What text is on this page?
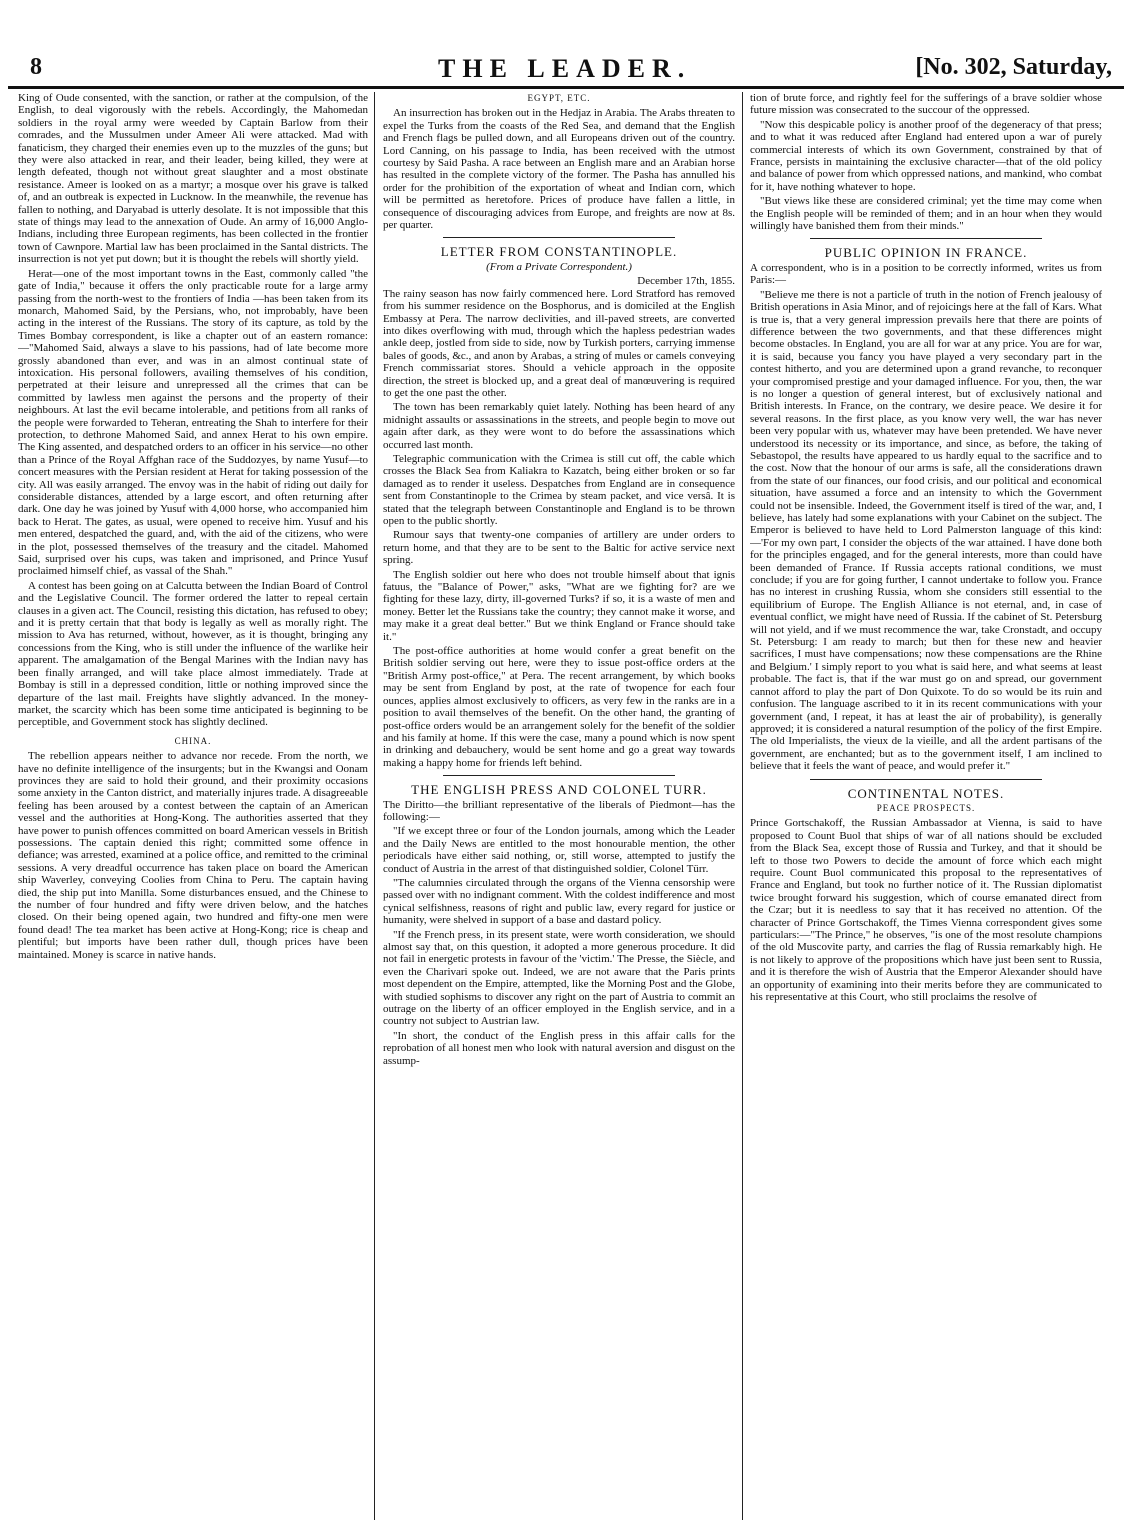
8	THE LEADER.	[No. 302, Saturday,

King of Oude consented, with the sanction, or rather at the compulsion, of the English, to deal vigorously with the rebels. Accordingly, the Mahomedan soldiers in the royal army were weeded by Captain Barlow from their comrades, and the Mussulmen under Ameer Ali were attacked. Mad with fanaticism, they charged their enemies even up to the muzzles of the guns; but they were also attacked in rear, and their leader, being killed, they were at length defeated, though not without great slaughter and a most obstinate resistance. Ameer is looked on as a martyr; a mosque over his grave is talked of, and an outbreak is expected in Lucknow. In the meanwhile, the revenue has fallen to nothing, and Daryabad is utterly desolate. It is not impossible that this state of things may lead to the annexation of Oude. An army of 16,000 Anglo-Indians, including three European regiments, has been collected in the frontier town of Cawnpore. Martial law has been proclaimed in the Santal districts. The insurrection is not yet put down; but it is thought the rebels will shortly yield.

Herat—one of the most important towns in the East, commonly called "the gate of India," because it offers the only practicable route for a large army passing from the north-west to the frontiers of India —has been taken from its monarch, Mahomed Said, by the Persians, who, not improbably, have been acting in the interest of the Russians. The story of its capture, as told by the Times Bombay correspondent, is like a chapter out of an eastern romance:—"Mahomed Said, always a slave to his passions, had of late become more grossly abandoned than ever, and was in an almost continual state of intoxication. His personal followers, availing themselves of his condition, perpetrated at their leisure and unrepressed all the crimes that can be committed by lawless men against the persons and the property of their neighbours. At last the evil became intolerable, and petitions from all ranks of the people were forwarded to Teheran, entreating the Shah to interfere for their protection, to dethrone Mahomed Said, and annex Herat to his own empire. The King assented, and despatched orders to an officer in his service—no other than a Prince of the Royal Affghan race of the Suddozyes, by name Yusuf—to concert measures with the Persian resident at Herat for taking possession of the city. All was easily arranged. The envoy was in the habit of riding out daily for considerable distances, attended by a large escort, and often returning after dark. One day he was joined by Yusuf with 4,000 horse, who accompanied him back to Herat. The gates, as usual, were opened to receive him. Yusuf and his men entered, despatched the guard, and, with the aid of the citizens, who were in the plot, possessed themselves of the treasury and the citadel. Mahomed Said, surprised over his cups, was taken and imprisoned, and Prince Yusuf proclaimed himself chief, as vassal of the Shah."

A contest has been going on at Calcutta between the Indian Board of Control and the Legislative Council. The former ordered the latter to repeal certain clauses in a given act. The Council, resisting this dictation, has refused to obey; and it is pretty certain that that body is legally as well as morally right. The mission to Ava has returned, without, however, as it is thought, bringing any concessions from the King, who is still under the influence of the warlike heir apparent. The amalgamation of the Bengal Marines with the Indian navy has been finally arranged, and will take place almost immediately. Trade at Bombay is still in a depressed condition, little or nothing improved since the departure of the last mail. Freights have slightly advanced. In the money-market, the scarcity which has been some time anticipated is beginning to be perceptible, and Government stock has slightly declined.

CHINA.

The rebellion appears neither to advance nor recede. From the north, we have no definite intelligence of the insurgents; but in the Kwangsi and Oonam provinces they are said to hold their ground, and their proximity occasions some anxiety in the Canton district, and materially injures trade. A disagreeable feeling has been aroused by a contest between the captain of an American vessel and the authorities at Hong-Kong. The authorities asserted that they have power to punish offences committed on board American vessels in British possessions. The captain denied this right; committed some offence in defiance; was arrested, examined at a police office, and remitted to the criminal sessions. A very dreadful occurrence has taken place on board the American ship Waverley, conveying Coolies from China to Peru. The captain having died, the ship put into Manilla. Some disturbances ensued, and the Chinese to the number of four hundred and fifty were driven below, and the hatches closed. On their being opened again, two hundred and fifty-one men were found dead! The tea market has been active at Hong-Kong; rice is cheap and plentiful; but imports have been rather dull, though prices have been maintained. Money is scarce in native hands.

EGYPT, ETC.

An insurrection has broken out in the Hedjaz in Arabia. The Arabs threaten to expel the Turks from the coasts of the Red Sea, and demand that the English and French flags be pulled down, and all Europeans driven out of the country. Lord Canning, on his passage to India, has been received with the utmost courtesy by Said Pasha. A race between an English mare and an Arabian horse has resulted in the complete victory of the former. The Pasha has annulled his order for the prohibition of the exportation of wheat and Indian corn, which will be permitted as heretofore. Prices of produce have fallen a little, in consequence of discouraging advices from Europe, and freights are now at 8s. per quarter.

LETTER FROM CONSTANTINOPLE.
(From a Private Correspondent.)
December 17th, 1855.

The rainy season has now fairly commenced here. Lord Stratford has removed from his summer residence on the Bosphorus, and is domiciled at the English Embassy at Pera. The narrow declivities, and ill-paved streets, are converted into dikes overflowing with mud, through which the hapless pedestrian wades ankle deep, jostled from side to side, now by Turkish porters, carrying immense bales of goods, &c., and anon by Arabas, a string of mules or camels conveying French commissariat stores. Should a vehicle approach in the opposite direction, the street is blocked up, and a great deal of manœuvering is required to get the one past the other.

The town has been remarkably quiet lately. Nothing has been heard of any midnight assaults or assassinations in the streets, and people begin to move out again after dark, as they were wont to do before the assassinations which occurred last month.

Telegraphic communication with the Crimea is still cut off, the cable which crosses the Black Sea from Kaliakra to Kazatch, being either broken or so far damaged as to render it useless. Despatches from England are in consequence sent from Constantinople to the Crimea by steam packet, and vice versâ. It is stated that the telegraph between Constantinople and England is to be thrown open to the public shortly.

Rumour says that twenty-one companies of artillery are under orders to return home, and that they are to be sent to the Baltic for active service next spring.

The English soldier out here who does not trouble himself about that ignis fatuus, the "Balance of Power," asks, "What are we fighting for? are we fighting for these lazy, dirty, ill-governed Turks? if so, it is a waste of men and money. Better let the Russians take the country; they cannot make it worse, and may make it a great deal better." But we think England or France should take it."

The post-office authorities at home would confer a great benefit on the British soldier serving out here, were they to issue post-office orders at the "British Army post-office," at Pera. The recent arrangement, by which books may be sent from England by post, at the rate of twopence for each four ounces, applies almost exclusively to officers, as very few in the ranks are in a position to avail themselves of the benefit. On the other hand, the granting of post-office orders would be an arrangement solely for the benefit of the soldier and his family at home. If this were the case, many a pound which is now spent in drinking and debauchery, would be sent home and go a great way towards making a happy home for friends left behind.

THE ENGLISH PRESS AND COLONEL TURR.

The Diritto—the brilliant representative of the liberals of Piedmont—has the following:—

"If we except three or four of the London journals, among which the Leader and the Daily News are entitled to the most honourable mention, the other periodicals have either said nothing, or, still worse, attempted to justify the conduct of Austria in the arrest of that distinguished soldier, Colonel Türr.

"The calumnies circulated through the organs of the Vienna censorship were passed over with no indignant comment. With the coldest indifference and most cynical selfishness, reasons of right and public law, every regard for justice or humanity, were shelved in support of a base and dastard policy.

"If the French press, in its present state, were worth consideration, we should almost say that, on this question, it adopted a more generous procedure. It did not fail in energetic protests in favour of the 'victim.' The Presse, the Siècle, and even the Charivari spoke out. Indeed, we are not aware that the Paris prints most dependent on the Empire, attempted, like the Morning Post and the Globe, with studied sophisms to discover any right on the part of Austria to commit an outrage on the liberty of an officer employed in the English service, and in a country not subject to Austrian law.

"In short, the conduct of the English press in this affair calls for the reprobation of all honest men who look with natural aversion and disgust on the assump-

tion of brute force, and rightly feel for the sufferings of a brave soldier whose future mission was consecrated to the succour of the oppressed.

"Now this despicable policy is another proof of the degeneracy of that press; and to what it was reduced after England had entered upon a war of purely commercial interests of which its own Government, constrained by that of France, persists in maintaining the exclusive character—that of the old policy and balance of power from which oppressed nations, and mankind, who combat for it, have nothing whatever to hope.

"But views like these are considered criminal; yet the time may come when the English people will be reminded of them; and in an hour when they would willingly have banished them from their minds."

PUBLIC OPINION IN FRANCE.

A correspondent, who is in a position to be correctly informed, writes us from Paris:—

"Believe me there is not a particle of truth in the notion of French jealousy of British operations in Asia Minor, and of rejoicings here at the fall of Kars. What is true is, that a very general impression prevails here that there are points of difference between the two governments, and that these differences might become obstacles. In England, you are all for war at any price. You are for war, it is said, because you fancy you have played a very secondary part in the contest hitherto, and you are determined upon a grand revanche, to reconquer your compromised prestige and your damaged influence. For you, then, the war is no longer a question of general interest, but of exclusively national and British interests. In France, on the contrary, we desire peace. We desire it for several reasons. In the first place, as you know very well, the war has never been very popular with us, whatever may have been pretended. We have never understood its necessity or its importance, and since, as before, the taking of Sebastopol, the results have appeared to us hardly equal to the sacrifice and to the cost. Now that the honour of our arms is safe, all the considerations drawn from the state of our finances, our food crisis, and our political and economical situation, have assumed a force and an intensity to which the Government could not be insensible. Indeed, the Government itself is tired of the war, and, I believe, has lately had some explanations with your Cabinet on the subject. The Emperor is believed to have held to Lord Palmerston language of this kind:—'For my own part, I consider the objects of the war attained. I have done both for the principles engaged, and for the general interests, more than could have been demanded of France. If Russia accepts rational conditions, we must conclude; if you are for going further, I cannot undertake to follow you. France has no interest in crushing Russia, whom she considers still essential to the equilibrium of Europe. The English Alliance is not eternal, and, in case of eventual conflict, we might have need of Russia. If the cabinet of St. Petersburg will not yield, and if we must recommence the war, take Cronstadt, and occupy St. Petersburg: I am ready to march; but then for these new and heavier sacrifices, I must have compensations; now these compensations are the Rhine and Belgium.' I simply report to you what is said here, and what seems at least probable. The fact is, that if the war must go on and spread, our government cannot afford to play the part of Don Quixote. To do so would be its ruin and confusion. The language ascribed to it in its recent communications with your government (and, I repeat, it has at least the air of probability), is generally approved; it is considered a natural resumption of the policy of the first Empire. The old Imperialists, the vieux de la vieille, and all the ardent partisans of the government, are enchanted; but as to the government itself, I am inclined to believe that it feels the want of peace, and would prefer it."

CONTINENTAL NOTES.
PEACE PROSPECTS.

Prince Gortschakoff, the Russian Ambassador at Vienna, is said to have proposed to Count Buol that ships of war of all nations should be excluded from the Black Sea, except those of Russia and Turkey, and that it should be left to those two Powers to decide the amount of force which each might require. Count Buol communicated this proposal to the representatives of France and England, but took no further notice of it. The Russian diplomatist twice brought forward his suggestion, which of course emanated direct from the Czar; but it is needless to say that it has received no attention. Of the character of Prince Gortschakoff, the Times Vienna correspondent gives some particulars:—"The Prince," he observes, "is one of the most resolute champions of the old Muscovite party, and carries the flag of Russia remarkably high. He is not likely to approve of the propositions which have just been sent to Russia, and it is therefore the wish of Austria that the Emperor Alexander should have an opportunity of examining into their merits before they are communicated to his representative at this Court, who still proclaims the resolve of
